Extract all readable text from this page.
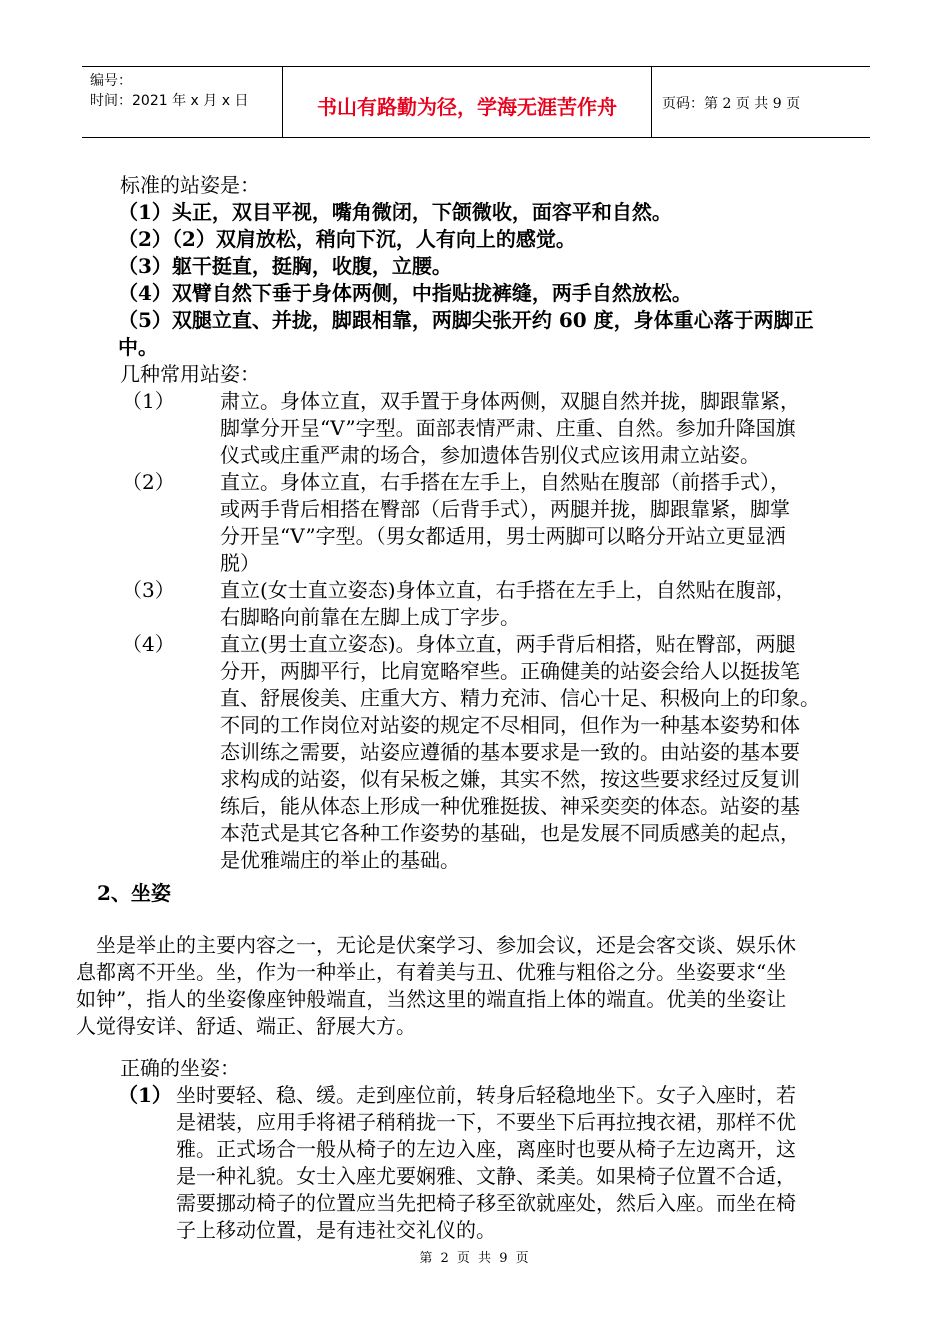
编号：
时间：2021 年 x 月 x 日	书山有路勤为径，学海无涯苦作舟	页码：第 2 页 共 9 页
标准的站姿是：
（1）头正，双目平视，嘴角微闭，下颌微收，面容平和自然。
（2）（2）双肩放松，稍向下沉，人有向上的感觉。
（3）躯干挺直，挺胸，收腹，立腰。
（4）双臂自然下垂于身体两侧，中指贴拢裤缝，两手自然放松。
（5）双腿立直、并拢，脚跟相靠，两脚尖张开约 60 度，身体重心落于两脚正
中。
几种常用站姿：
（1） 肃立。身体立直，双手置于身体两侧，双腿自然并拢，脚跟靠紧，
脚掌分开呈“V”字型。面部表情严肃、庄重、自然。参加升降国旗
仪式或庄重严肃的场合，参加遗体告别仪式应该用肃立站姿。
（2） 直立。身体立直，右手搭在左手上，自然贴在腹部（前搭手式），
或两手背后相搭在臀部（后背手式），两腿并拢，脚跟靠紧，脚掌
分开呈“V”字型。（男女都适用，男士两脚可以略分开站立更显洒
脱）
（3） 直立(女士直立姿态)身体立直，右手搭在左手上，自然贴在腹部，
右脚略向前靠在左脚上成丁字步。
（4） 直立(男士直立姿态)。身体立直，两手背后相搭，贴在臀部，两腿
分开，两脚平行，比肩宽略窄些。正确健美的站姿会给人以挺拔笔
直、舒展俊美、庄重大方、精力充沛、信心十足、积极向上的印象。
不同的工作岗位对站姿的规定不尽相同，但作为一种基本姿势和体
态训练之需要，站姿应遵循的基本要求是一致的。由站姿的基本要
求构成的站姿，似有呆板之嫌，其实不然，按这些要求经过反复训
练后，能从体态上形成一种优雅挺拔、神采奕奕的体态。站姿的基
本范式是其它各种工作姿势的基础，也是发展不同质感美的起点，
是优雅端庄的举止的基础。
2、坐姿
坐是举止的主要内容之一，无论是伏案学习、参加会议，还是会客交谈、娱乐休
息都离不开坐。坐，作为一种举止，有着美与丑、优雅与粗俗之分。坐姿要求“坐
如钟”，指人的坐姿像座钟般端直，当然这里的端直指上体的端直。优美的坐姿让
人觉得安详、舒适、端正、舒展大方。
正确的坐姿：
（1） 坐时要轻、稳、缓。走到座位前，转身后轻稳地坐下。女子入座时，若
是裙装，应用手将裙子稍稍拢一下，不要坐下后再拉拽衣裙，那样不优
雅。正式场合一般从椅子的左边入座，离座时也要从椅子左边离开，这
是一种礼貌。女士入座尤要娴雅、文静、柔美。如果椅子位置不合适，
需要挪动椅子的位置应当先把椅子移至欲就座处，然后入座。而坐在椅
子上移动位置，是有违社交礼仪的。
第 2 页 共 9 页
